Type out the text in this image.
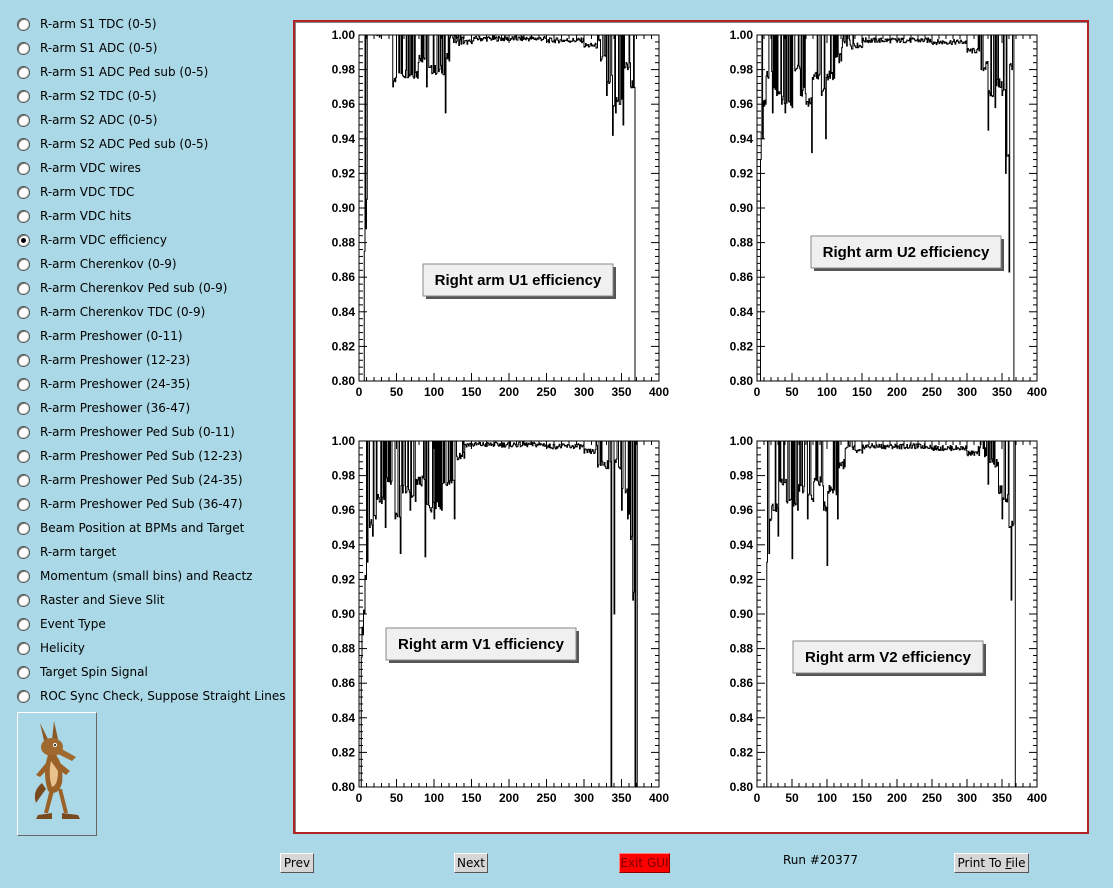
R-arm S1 TDC (0-5)
R-arm S1 ADC (0-5)
R-arm S1 ADC Ped sub (0-5)
R-arm S2 TDC (0-5)
R-arm S2 ADC (0-5)
R-arm S2 ADC Ped sub (0-5)
R-arm VDC wires
R-arm VDC TDC
R-arm VDC hits
R-arm VDC efficiency
R-arm Cherenkov (0-9)
R-arm Cherenkov Ped sub (0-9)
R-arm Cherenkov TDC (0-9)
R-arm Preshower (0-11)
R-arm Preshower (12-23)
R-arm Preshower (24-35)
R-arm Preshower (36-47)
R-arm Preshower Ped Sub (0-11)
R-arm Preshower Ped Sub (12-23)
R-arm Preshower Ped Sub (24-35)
R-arm Preshower Ped Sub (36-47)
Beam Position at BPMs and Target
R-arm target
Momentum (small bins) and Reactz
Raster and Sieve Slit
Event Type
Helicity
Target Spin Signal
ROC Sync Check, Suppose Straight Lines
0.80
0.82
0.84
0.86
0.88
0.90
0.92
0.94
0.96
0.98
1.00
0 50 100 150 200 250 300 350 400
Right arm U1 efficiency
0.80
0.82
0.84
0.86
0.88
0.90
0.92
0.94
0.96
0.98
1.00
0 50 100 150 200 250 300 350 400
Right arm U2 efficiency
0.80
0.82
0.84
0.86
0.88
0.90
0.92
0.94
0.96
0.98
1.00
0 50 100 150 200 250 300 350 400
Right arm V1 efficiency
0.80
0.82
0.84
0.86
0.88
0.90
0.92
0.94
0.96
0.98
1.00
0 50 100 150 200 250 300 350 400
Right arm V2 efficiency
Prev	Next	Exit GUI	Run #20377	Print To File
